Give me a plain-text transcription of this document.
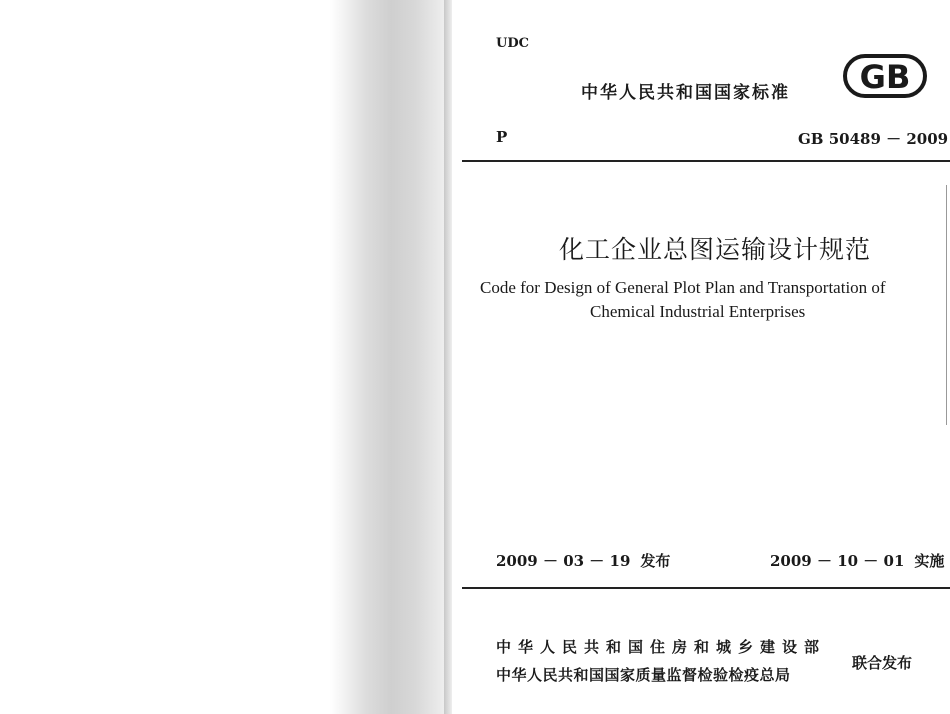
UDC
中华人民共和国国家标准 GB
P	GB 50489 － 2009
化工企业总图运输设计规范
Code for Design of General Plot Plan and Transportation of
Chemical Industrial Enterprises
2009 － 03 － 19 发布	2009 － 10 － 01 实施
中华人民共和国住房和城乡建设部
中华人民共和国国家质量监督检验检疫总局
联合发布
